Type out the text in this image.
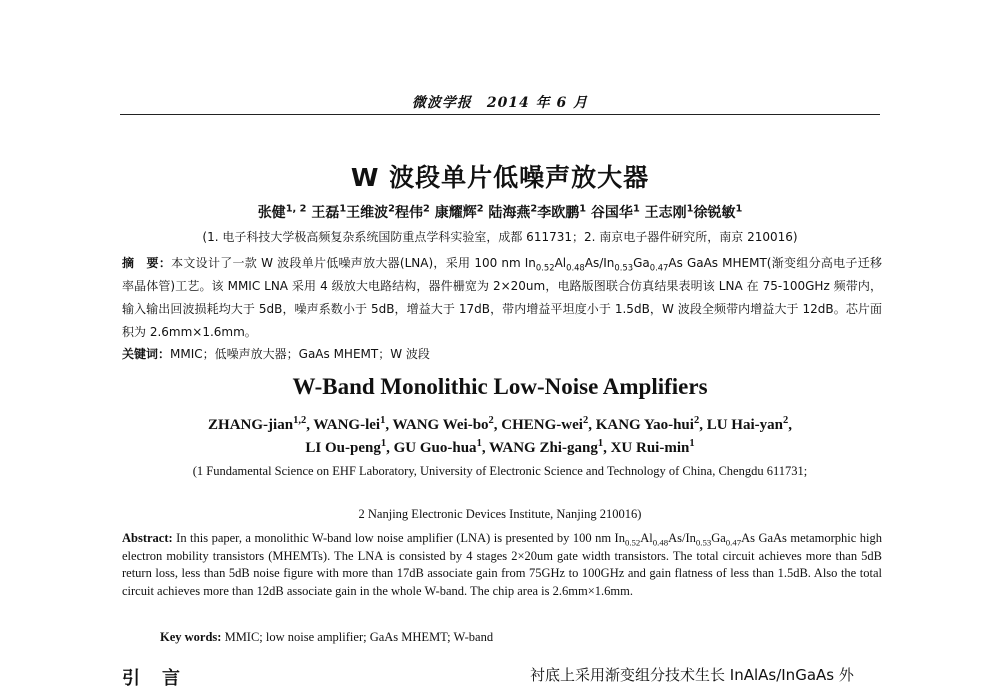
微波学报　2014 年 6 月
W 波段单片低噪声放大器
张健$^{1, 2}$ 王磊$^1$王维波$^2$程伟$^2$ 康耀辉$^2$ 陆海燕$^2$李欧鹏$^1$ 谷国华$^1$ 王志刚$^1$徐锐敏$^1$
(1. 电子科技大学极高频复杂系统国防重点学科实验室，成都 611731；2. 南京电子器件研究所，南京 210016)
摘　要：本文设计了一款 W 波段单片低噪声放大器(LNA)，采用 100 nm $In_{0.52}Al_{0.48}As/In_{0.53}Ga_{0.47}As$ GaAs MHEMT(渐变组分高电子迁移率晶体管)工艺。该 MMIC LNA 采用 4 级放大电路结构，器件栅宽为 2×20um，电路版图联合仿真结果表明该 LNA 在 75-100GHz 频带内，输入输出回波损耗均大于 5dB，噪声系数小于 5dB，增益大于 17dB，带内增益平坦度小于 1.5dB，W 波段全频带内增益大于 12dB。芯片面积为 2.6mm×1.6mm。
关键词：MMIC；低噪声放大器；GaAs MHEMT；W 波段
W-Band Monolithic Low-Noise Amplifiers
ZHANG-jian$^{1,2}$, WANG-lei$^1$, WANG Wei-$bo^2$, CHENG-wei$^2$, KANG Yao-hui$^2$, LU Hai-yan$^2$,
LI Ou-peng$^1$, GU Guo-hua$^1$, WANG Zhi-gang$^1$, XU Rui-$\min^1$
(1 Fundamental Science on EHF Laboratory, University of Electronic Science and Technology of China, Chengdu 611731;
2 Nanjing Electronic Devices Institute, Nanjing 210016)
Abstract: In this paper, a monolithic W-band low noise amplifier (LNA) is presented by 100 nm $In_{0.52}Al_{0.48}As/In_{0.53}Ga_{0.47}As$ GaAs metamorphic high electron mobility transistors (MHEMTs). The LNA is consisted by 4 stages 2×20um gate width transistors. The total circuit achieves more than 5dB return loss, less than 5dB noise figure with more than 17dB associate gain from 75GHz to 100GHz and gain flatness of less than 1.5dB. Also the total circuit achieves more than 12dB associate gain in the whole W-band. The chip area is 2.6mm×1.6mm.
Key words: MMIC; low noise amplifier; GaAs MHEMT; W-band
引言	衬底上采用渐变组分技术生长 InAlAs/InGaAs 外
